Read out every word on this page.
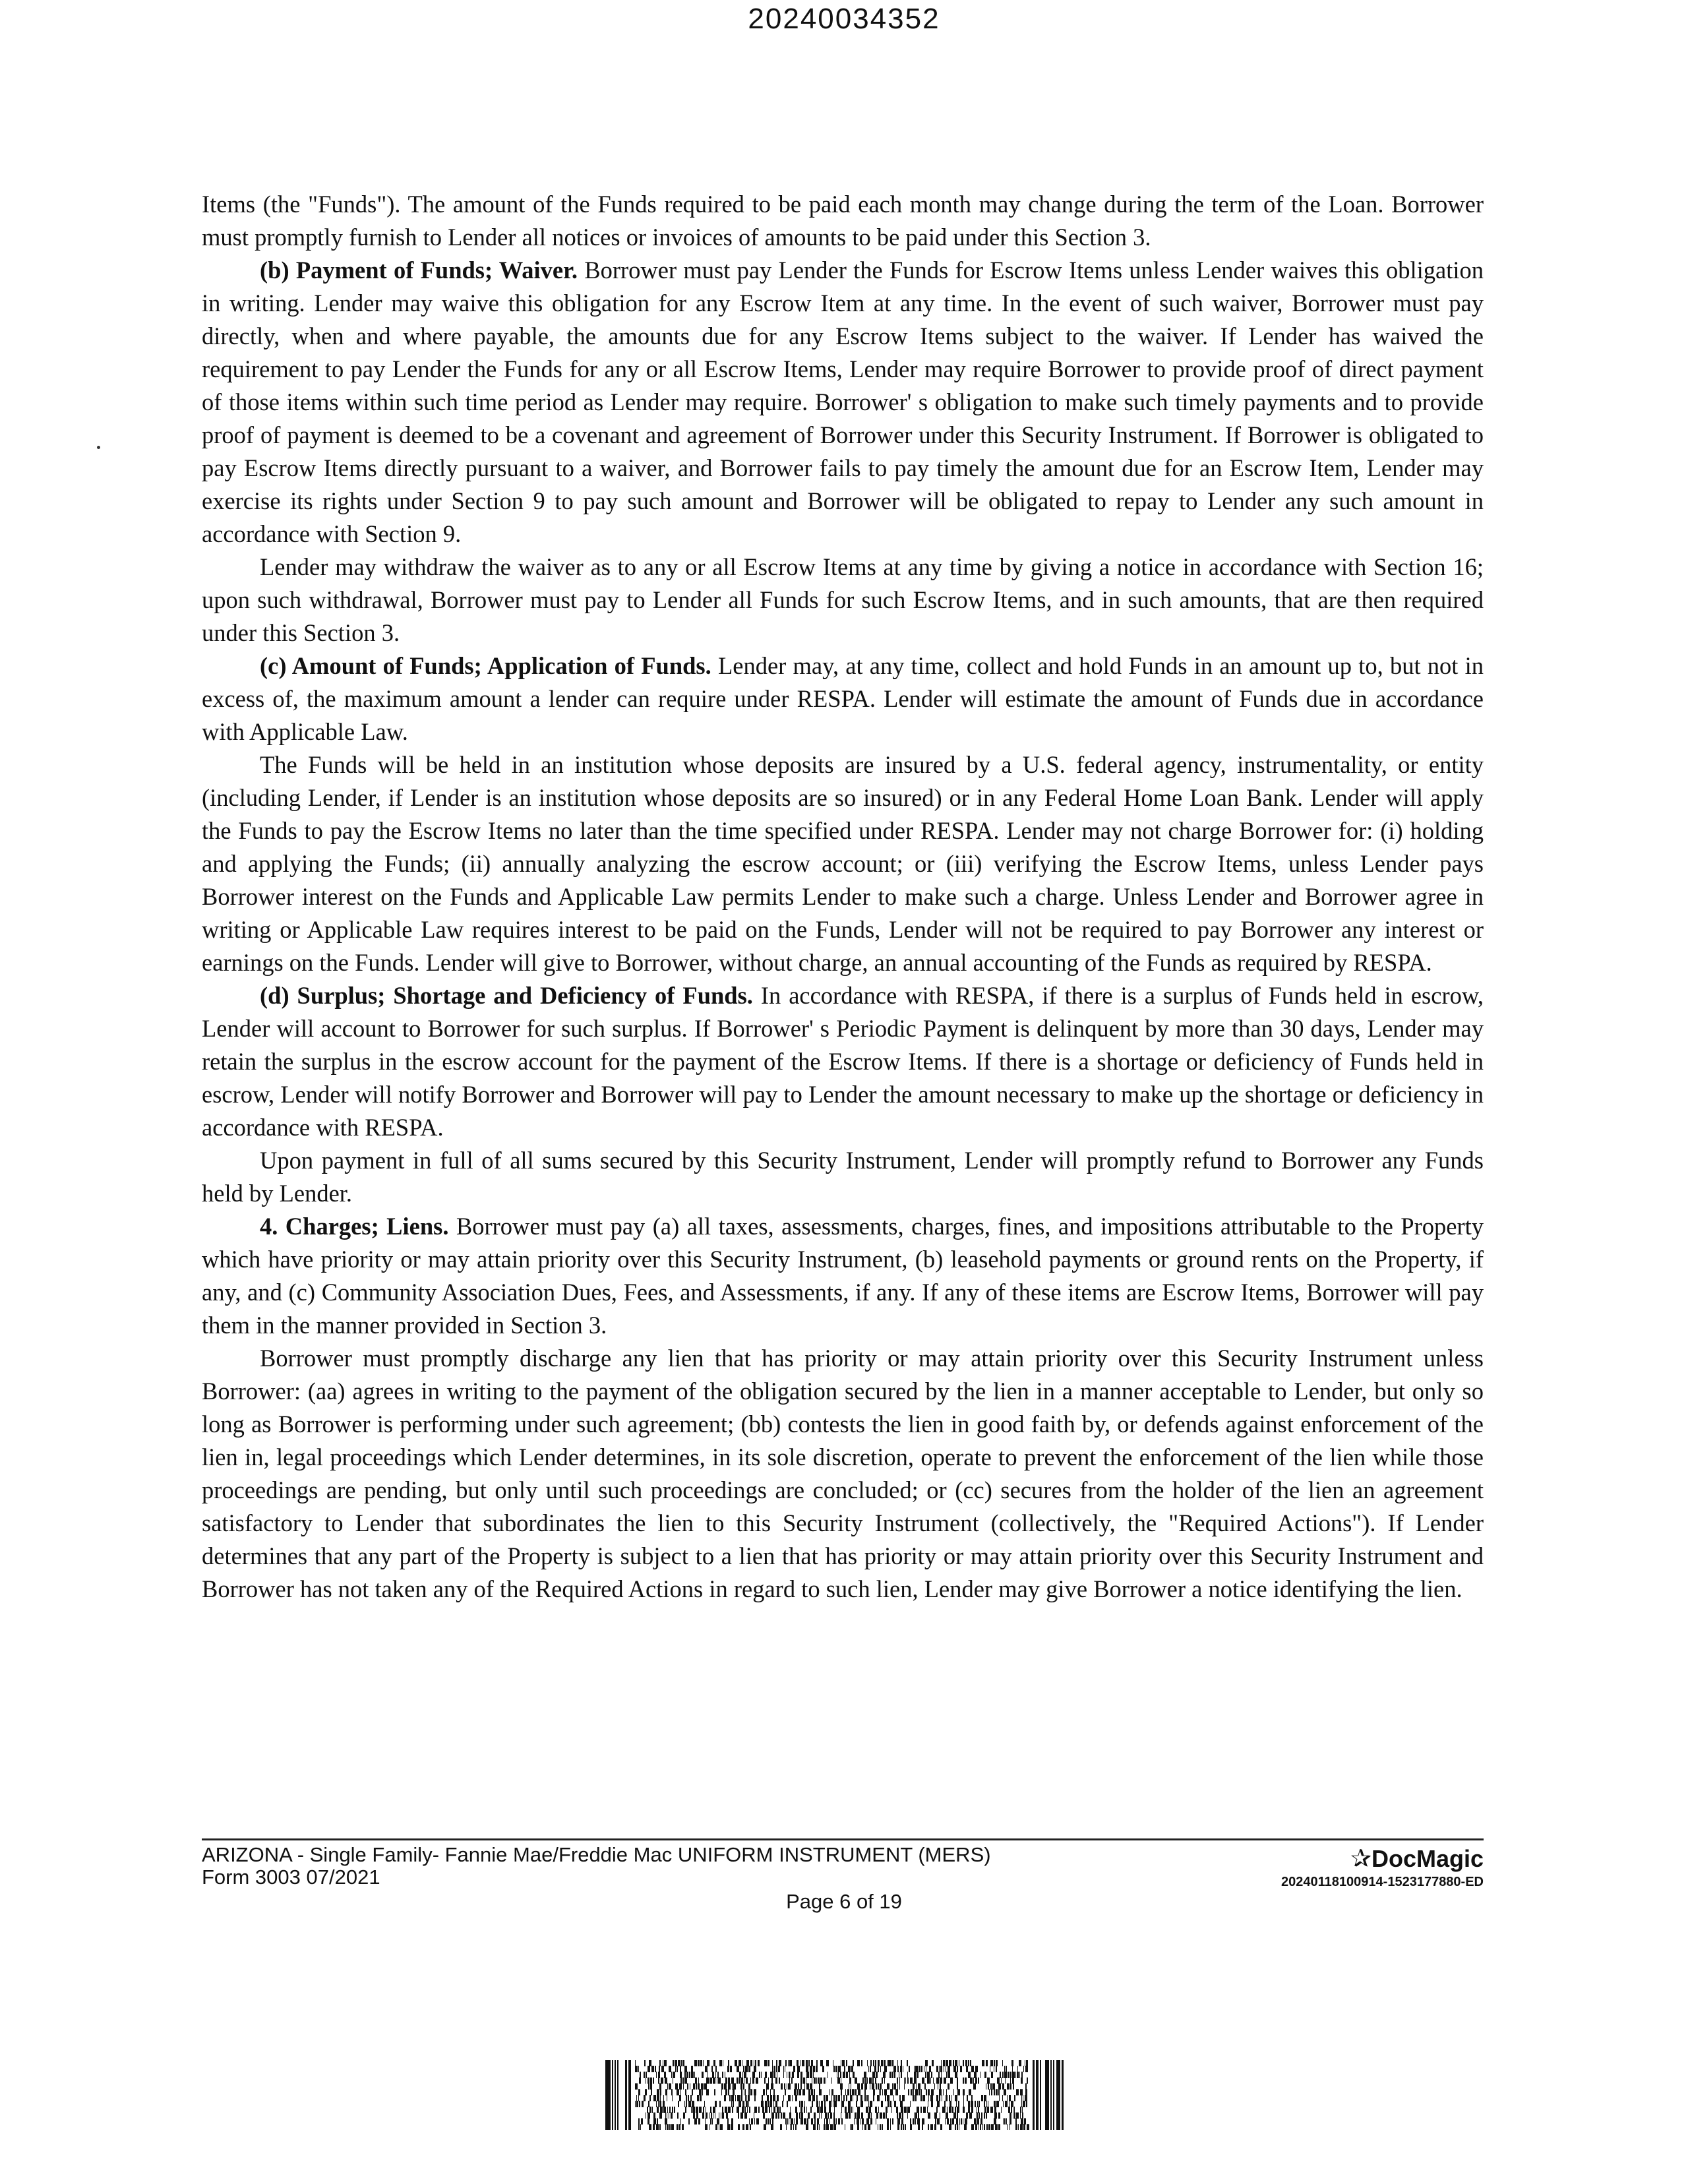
20240034352

Items (the "Funds"). The amount of the Funds required to be paid each month may change during the term of the Loan. Borrower must promptly furnish to Lender all notices or invoices of amounts to be paid under this Section 3.

(b) Payment of Funds; Waiver. Borrower must pay Lender the Funds for Escrow Items unless Lender waives this obligation in writing. Lender may waive this obligation for any Escrow Item at any time. In the event of such waiver, Borrower must pay directly, when and where payable, the amounts due for any Escrow Items subject to the waiver. If Lender has waived the requirement to pay Lender the Funds for any or all Escrow Items, Lender may require Borrower to provide proof of direct payment of those items within such time period as Lender may require. Borrower' s obligation to make such timely payments and to provide proof of payment is deemed to be a covenant and agreement of Borrower under this Security Instrument. If Borrower is obligated to pay Escrow Items directly pursuant to a waiver, and Borrower fails to pay timely the amount due for an Escrow Item, Lender may exercise its rights under Section 9 to pay such amount and Borrower will be obligated to repay to Lender any such amount in accordance with Section 9.

Lender may withdraw the waiver as to any or all Escrow Items at any time by giving a notice in accordance with Section 16; upon such withdrawal, Borrower must pay to Lender all Funds for such Escrow Items, and in such amounts, that are then required under this Section 3.

(c) Amount of Funds; Application of Funds. Lender may, at any time, collect and hold Funds in an amount up to, but not in excess of, the maximum amount a lender can require under RESPA. Lender will estimate the amount of Funds due in accordance with Applicable Law.

The Funds will be held in an institution whose deposits are insured by a U.S. federal agency, instrumentality, or entity (including Lender, if Lender is an institution whose deposits are so insured) or in any Federal Home Loan Bank. Lender will apply the Funds to pay the Escrow Items no later than the time specified under RESPA. Lender may not charge Borrower for: (i) holding and applying the Funds; (ii) annually analyzing the escrow account; or (iii) verifying the Escrow Items, unless Lender pays Borrower interest on the Funds and Applicable Law permits Lender to make such a charge. Unless Lender and Borrower agree in writing or Applicable Law requires interest to be paid on the Funds, Lender will not be required to pay Borrower any interest or earnings on the Funds. Lender will give to Borrower, without charge, an annual accounting of the Funds as required by RESPA.

(d) Surplus; Shortage and Deficiency of Funds. In accordance with RESPA, if there is a surplus of Funds held in escrow, Lender will account to Borrower for such surplus. If Borrower' s Periodic Payment is delinquent by more than 30 days, Lender may retain the surplus in the escrow account for the payment of the Escrow Items. If there is a shortage or deficiency of Funds held in escrow, Lender will notify Borrower and Borrower will pay to Lender the amount necessary to make up the shortage or deficiency in accordance with RESPA.

Upon payment in full of all sums secured by this Security Instrument, Lender will promptly refund to Borrower any Funds held by Lender.

4. Charges; Liens. Borrower must pay (a) all taxes, assessments, charges, fines, and impositions attributable to the Property which have priority or may attain priority over this Security Instrument, (b) leasehold payments or ground rents on the Property, if any, and (c) Community Association Dues, Fees, and Assessments, if any. If any of these items are Escrow Items, Borrower will pay them in the manner provided in Section 3.

Borrower must promptly discharge any lien that has priority or may attain priority over this Security Instrument unless Borrower: (aa) agrees in writing to the payment of the obligation secured by the lien in a manner acceptable to Lender, but only so long as Borrower is performing under such agreement; (bb) contests the lien in good faith by, or defends against enforcement of the lien in, legal proceedings which Lender determines, in its sole discretion, operate to prevent the enforcement of the lien while those proceedings are pending, but only until such proceedings are concluded; or (cc) secures from the holder of the lien an agreement satisfactory to Lender that subordinates the lien to this Security Instrument (collectively, the "Required Actions"). If Lender determines that any part of the Property is subject to a lien that has priority or may attain priority over this Security Instrument and Borrower has not taken any of the Required Actions in regard to such lien, Lender may give Borrower a notice identifying the lien.

ARIZONA - Single Family- Fannie Mae/Freddie Mac UNIFORM INSTRUMENT (MERS)
Form 3003 07/2021
Page 6 of 19
✰DocMagic
20240118100914-1523177880-ED
